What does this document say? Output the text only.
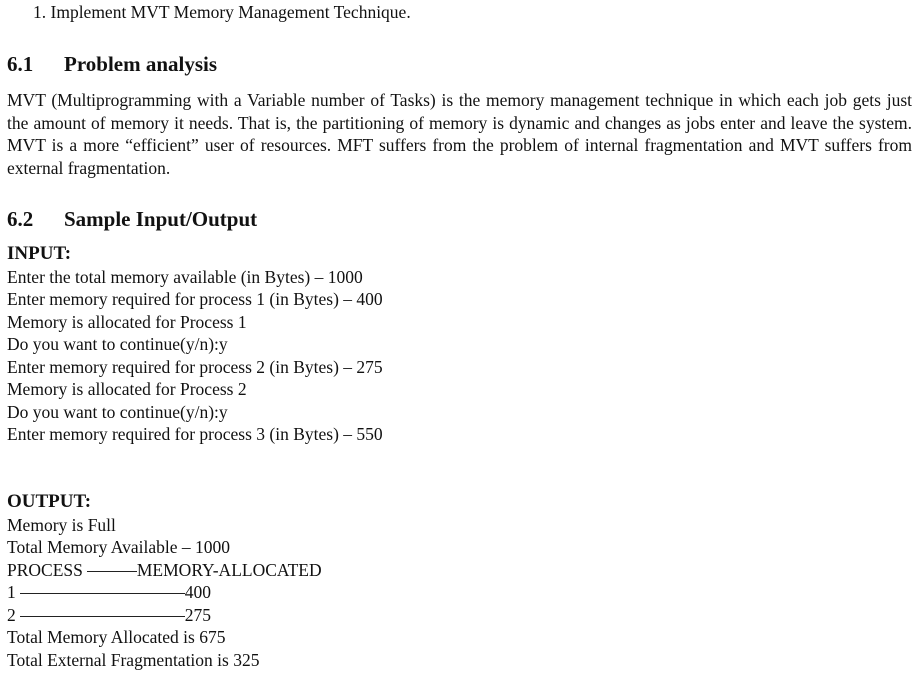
1. Implement MVT Memory Management Technique.
6.1 Problem analysis
MVT (Multiprogramming with a Variable number of Tasks) is the memory management technique in which each job gets just the amount of memory it needs. That is, the partitioning of memory is dynamic and changes as jobs enter and leave the system. MVT is a more “efficient” user of resources. MFT suffers from the problem of internal fragmentation and MVT suffers from external fragmentation.
6.2 Sample Input/Output
INPUT:
Enter the total memory available (in Bytes) – 1000
Enter memory required for process 1 (in Bytes) – 400
Memory is allocated for Process 1
Do you want to continue(y/n):y
Enter memory required for process 2 (in Bytes) – 275
Memory is allocated for Process 2
Do you want to continue(y/n):y
Enter memory required for process 3 (in Bytes) – 550
OUTPUT:
Memory is Full
Total Memory Available – 1000
PROCESS	MEMORY-ALLOCATED
1	400
2	275
Total Memory Allocated is 675
Total External Fragmentation is 325
